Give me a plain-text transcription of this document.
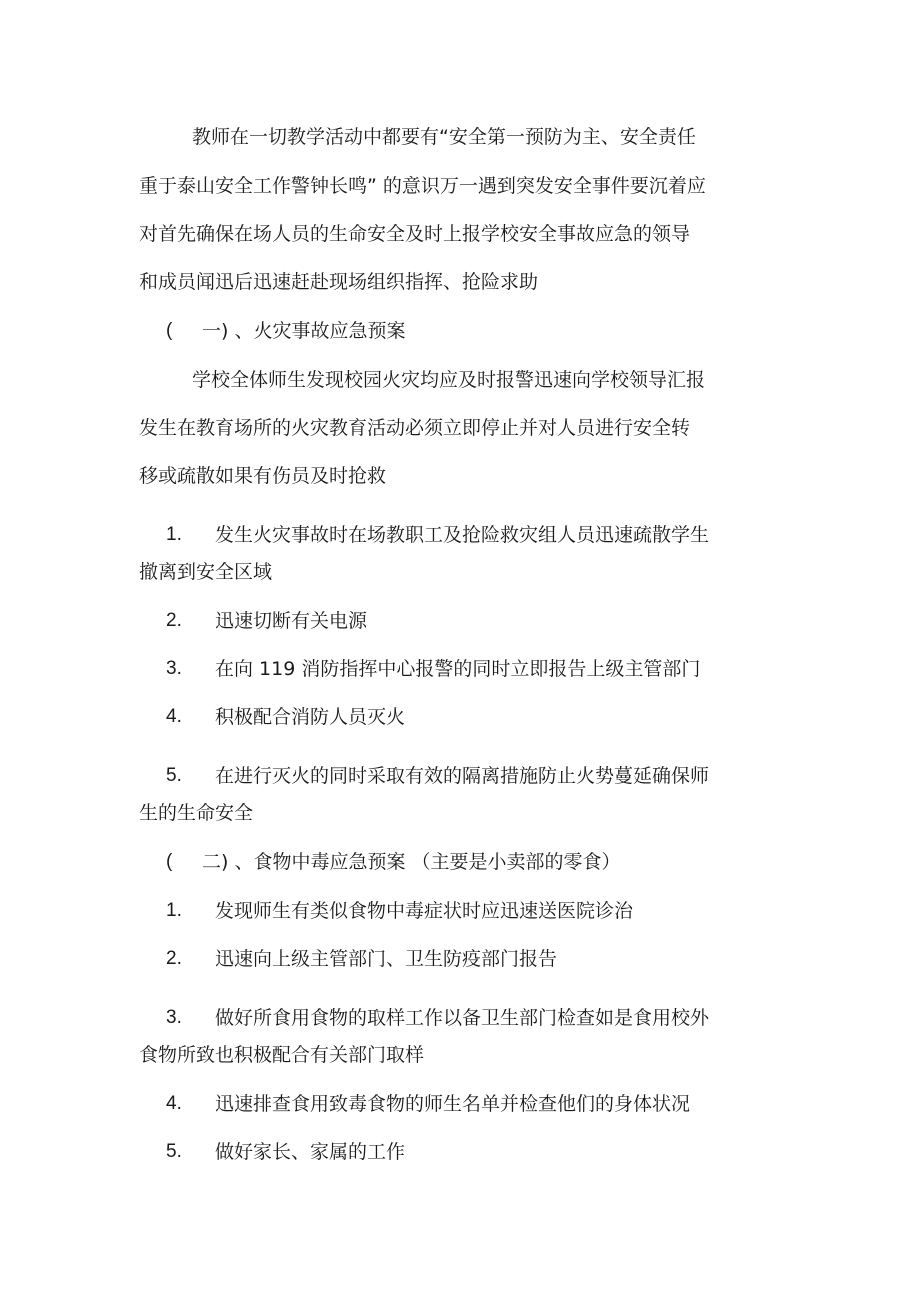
教师在一切教学活动中都要有“安全第一预防为主、安全责任
重于泰山安全工作警钟长鸣” 的意识万一遇到突发安全事件要沉着应
对首先确保在场人员的生命安全及时上报学校安全事故应急的领导
和成员闻迅后迅速赶赴现场组织指挥、抢险求助
( 一) 、火灾事故应急预案
学校全体师生发现校园火灾均应及时报警迅速向学校领导汇报
发生在教育场所的火灾教育活动必须立即停止并对人员进行安全转
移或疏散如果有伤员及时抢救
1. 发生火灾事故时在场教职工及抢险救灾组人员迅速疏散学生
撤离到安全区域
2. 迅速切断有关电源
3. 在向 119 消防指挥中心报警的同时立即报告上级主管部门
4. 积极配合消防人员灭火
5. 在进行灭火的同时采取有效的隔离措施防止火势蔓延确保师
生的生命安全
( 二) 、食物中毒应急预案 （主要是小卖部的零食）
1. 发现师生有类似食物中毒症状时应迅速送医院诊治
2. 迅速向上级主管部门、卫生防疫部门报告
3. 做好所食用食物的取样工作以备卫生部门检查如是食用校外
食物所致也积极配合有关部门取样
4. 迅速排查食用致毒食物的师生名单并检查他们的身体状况
5. 做好家长、家属的工作
